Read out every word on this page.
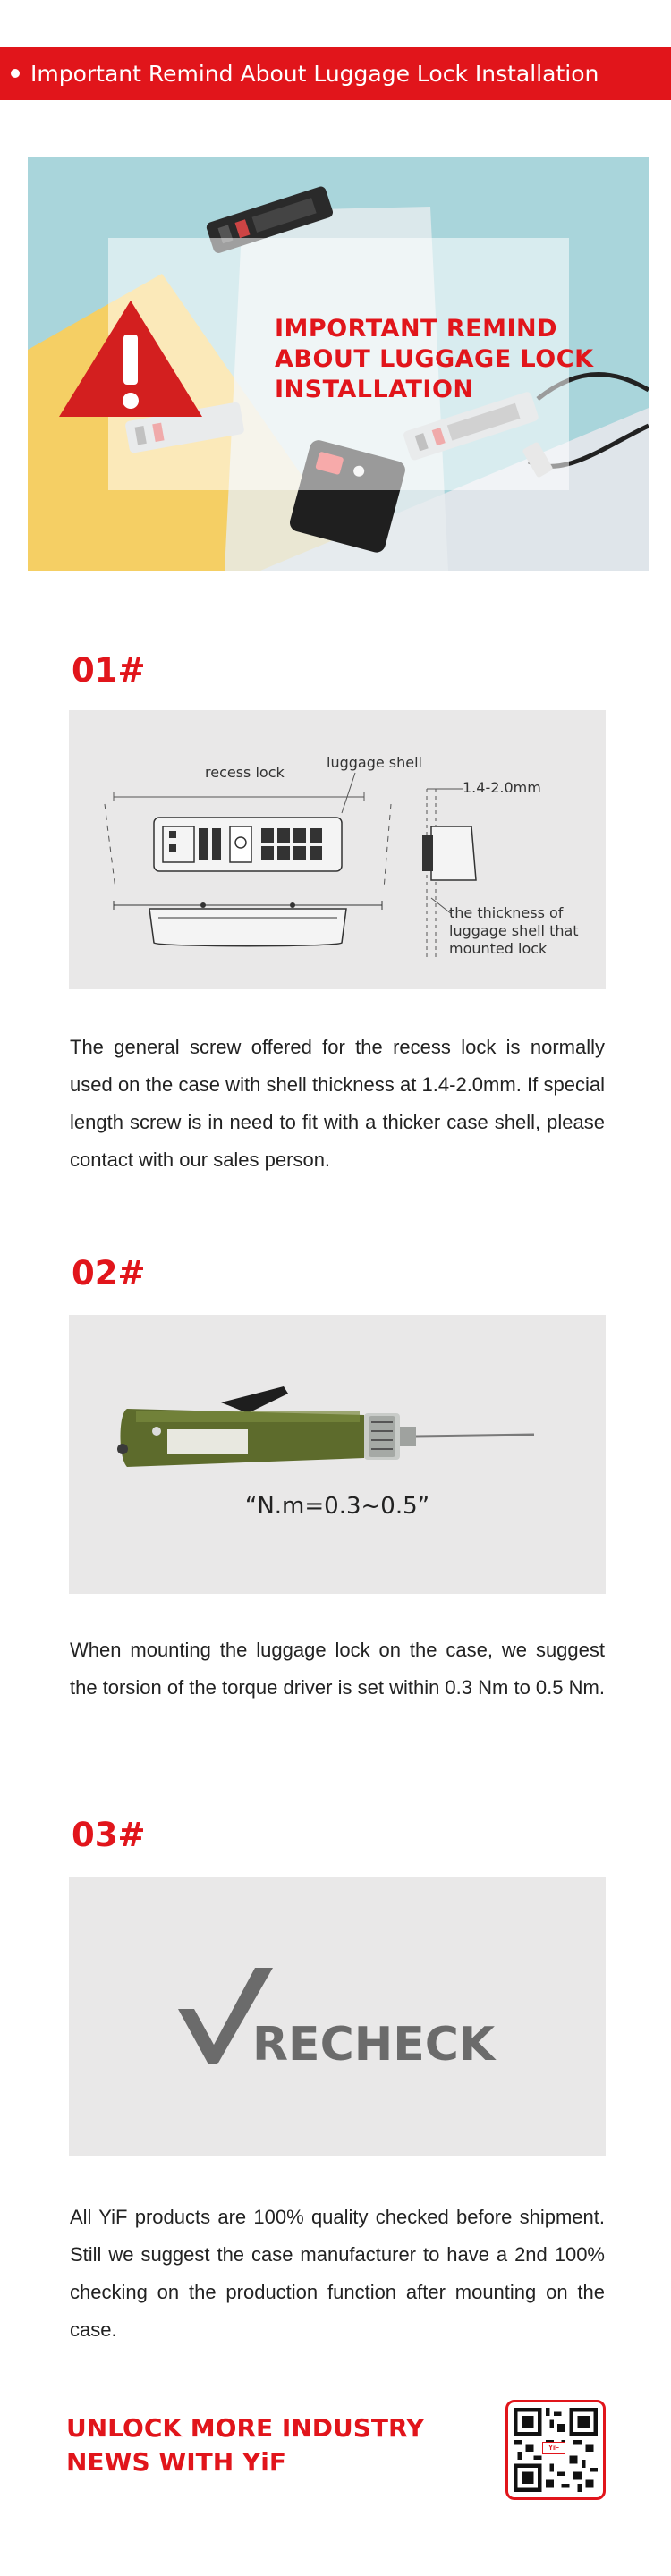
Important Remind About Luggage Lock Installation
IMPORTANT REMIND
ABOUT LUGGAGE LOCK
INSTALLATION
01#
recess lock
luggage shell
1.4-2.0mm
the thickness of
luggage shell that
mounted lock
The general screw offered for the recess lock is normally used on the case with shell thickness at 1.4-2.0mm. If special length screw is in need to fit with a thicker case shell, please contact with our sales person.
02#
“N.m=0.3~0.5”
When mounting the luggage lock on the case, we suggest the torsion of the torque driver is set within 0.3 Nm to 0.5 Nm.
03#
RECHECK
All YiF products are 100% quality checked before shipment. Still we suggest the case manufacturer to have a 2nd 100% checking on the production function after mounting on the case.
UNLOCK MORE INDUSTRY
NEWS WITH YiF	YiF
